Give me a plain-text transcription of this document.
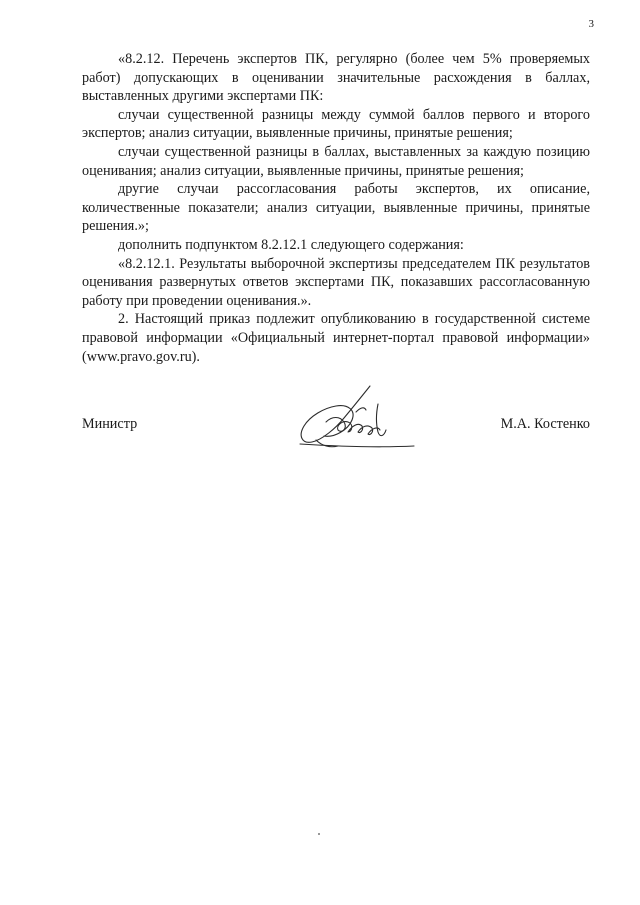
3

«8.2.12. Перечень экспертов ПК, регулярно (более чем 5% проверяемых работ) допускающих в оценивании значительные расхождения в баллах, выставленных другими экспертами ПК:

случаи существенной разницы между суммой баллов первого и второго экспертов; анализ ситуации, выявленные причины, принятые решения;

случаи существенной разницы в баллах, выставленных за каждую позицию оценивания; анализ ситуации, выявленные причины, принятые решения;

другие случаи рассогласования работы экспертов, их описание, количественные показатели; анализ ситуации, выявленные причины, принятые решения.»;

дополнить подпунктом 8.2.12.1 следующего содержания:

«8.2.12.1. Результаты выборочной экспертизы председателем ПК результатов оценивания развернутых ответов экспертами ПК, показавших рассогласованную работу при проведении оценивания.».

2. Настоящий приказ подлежит опубликованию в государственной системе правовой информации «Официальный интернет-портал правовой информации» (www.pravo.gov.ru).

Министр	М.А. Костенко
